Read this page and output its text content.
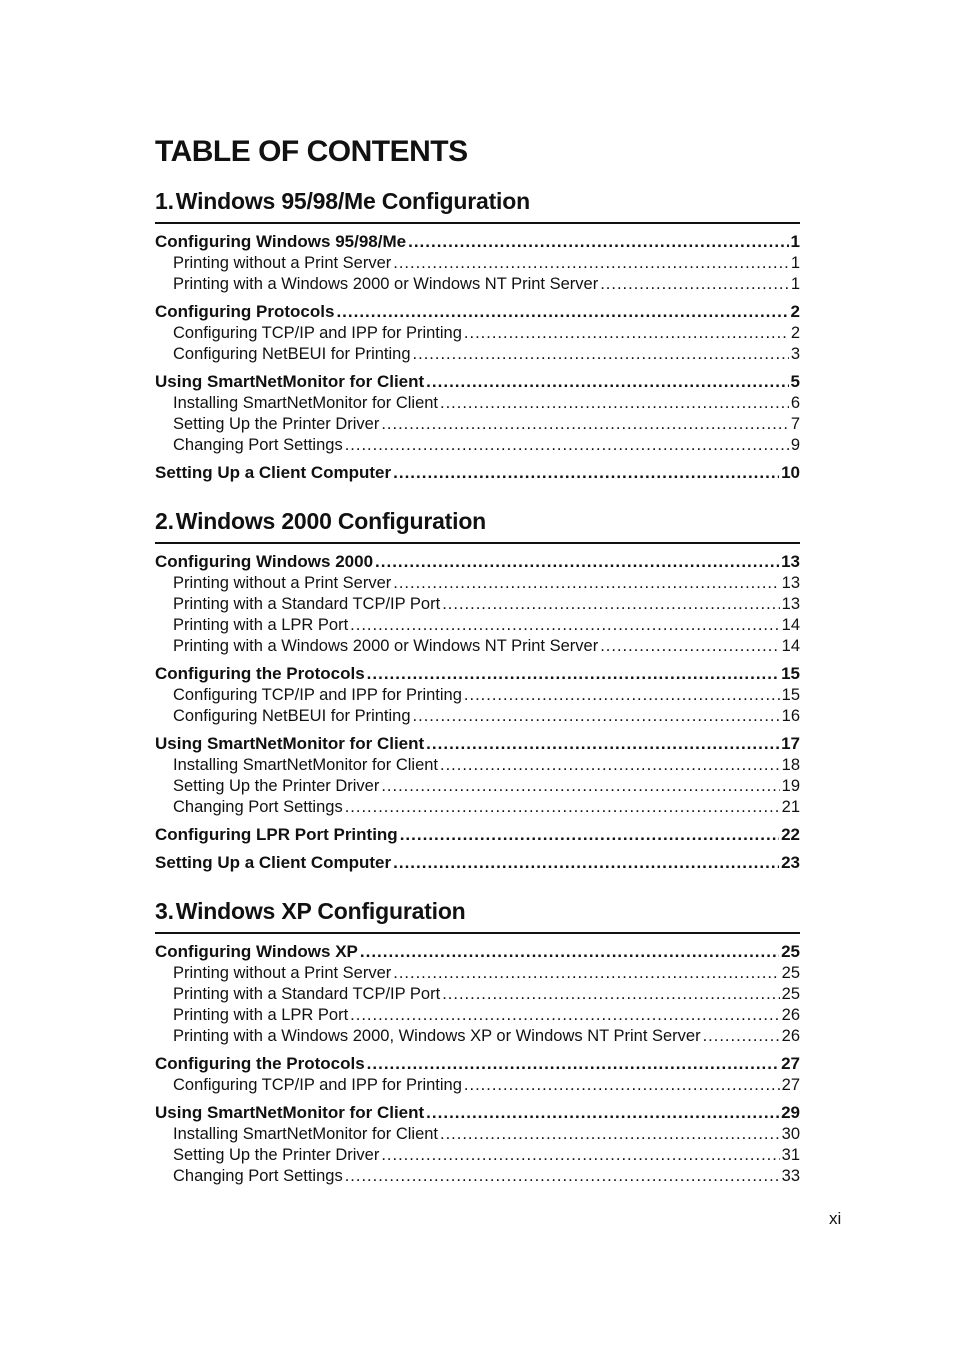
TABLE OF CONTENTS
1.Windows 95/98/Me Configuration
Configuring Windows 95/98/Me .....	1
Printing without a Print Server .....	1
Printing with a Windows 2000 or Windows NT Print Server .....	1
Configuring Protocols .....	2
Configuring TCP/IP and IPP for Printing .....	2
Configuring NetBEUI for Printing .....	3
Using SmartNetMonitor for Client .....	5
Installing SmartNetMonitor for Client .....	6
Setting Up the Printer Driver .....	7
Changing Port Settings .....	9
Setting Up a Client Computer .....	10
2.Windows 2000 Configuration
Configuring Windows 2000 .....	13
Printing without a Print Server .....	13
Printing with a Standard TCP/IP Port .....	13
Printing with a LPR Port .....	14
Printing with a Windows 2000 or Windows NT Print Server .....	14
Configuring the Protocols .....	15
Configuring TCP/IP and IPP for Printing .....	15
Configuring NetBEUI for Printing .....	16
Using SmartNetMonitor for Client .....	17
Installing SmartNetMonitor for Client .....	18
Setting Up the Printer Driver .....	19
Changing Port Settings .....	21
Configuring LPR Port Printing .....	22
Setting Up a Client Computer .....	23
3.Windows XP Configuration
Configuring Windows XP .....	25
Printing without a Print Server .....	25
Printing with a Standard TCP/IP Port .....	25
Printing with a LPR Port .....	26
Printing with a Windows 2000, Windows XP or Windows NT Print Server .....	26
Configuring the Protocols .....	27
Configuring TCP/IP and IPP for Printing .....	27
Using SmartNetMonitor for Client .....	29
Installing SmartNetMonitor for Client .....	30
Setting Up the Printer Driver .....	31
Changing Port Settings .....	33
xi
